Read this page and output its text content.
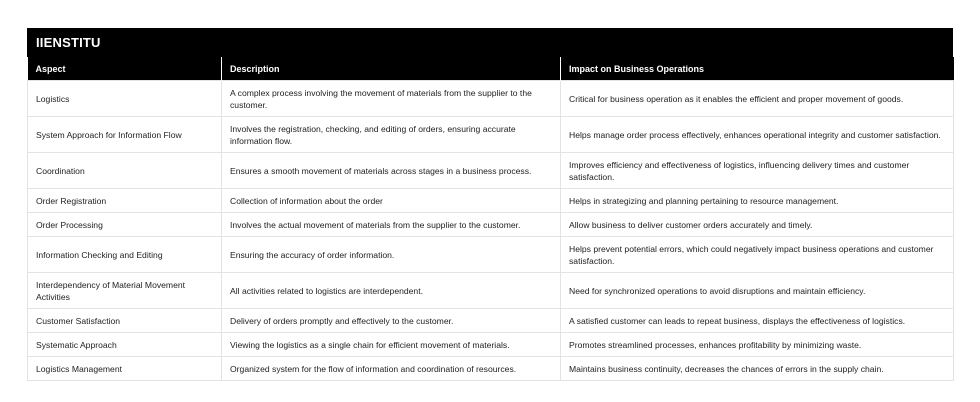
IIENSTITU
Aspect	Description	Impact on Business Operations
Logistics	A complex process involving the movement of materials from the supplier to the customer.	Critical for business operation as it enables the efficient and proper movement of goods.
System Approach for Information Flow	Involves the registration, checking, and editing of orders, ensuring accurate information flow.	Helps manage order process effectively, enhances operational integrity and customer satisfaction.
Coordination	Ensures a smooth movement of materials across stages in a business process.	Improves efficiency and effectiveness of logistics, influencing delivery times and customer satisfaction.
Order Registration	Collection of information about the order	Helps in strategizing and planning pertaining to resource management.
Order Processing	Involves the actual movement of materials from the supplier to the customer.	Allow business to deliver customer orders accurately and timely.
Information Checking and Editing	Ensuring the accuracy of order information.	Helps prevent potential errors, which could negatively impact business operations and customer satisfaction.
Interdependency of Material Movement Activities	All activities related to logistics are interdependent.	Need for synchronized operations to avoid disruptions and maintain efficiency.
Customer Satisfaction	Delivery of orders promptly and effectively to the customer.	A satisfied customer can leads to repeat business, displays the effectiveness of logistics.
Systematic Approach	Viewing the logistics as a single chain for efficient movement of materials.	Promotes streamlined processes, enhances profitability by minimizing waste.
Logistics Management	Organized system for the flow of information and coordination of resources.	Maintains business continuity, decreases the chances of errors in the supply chain.
